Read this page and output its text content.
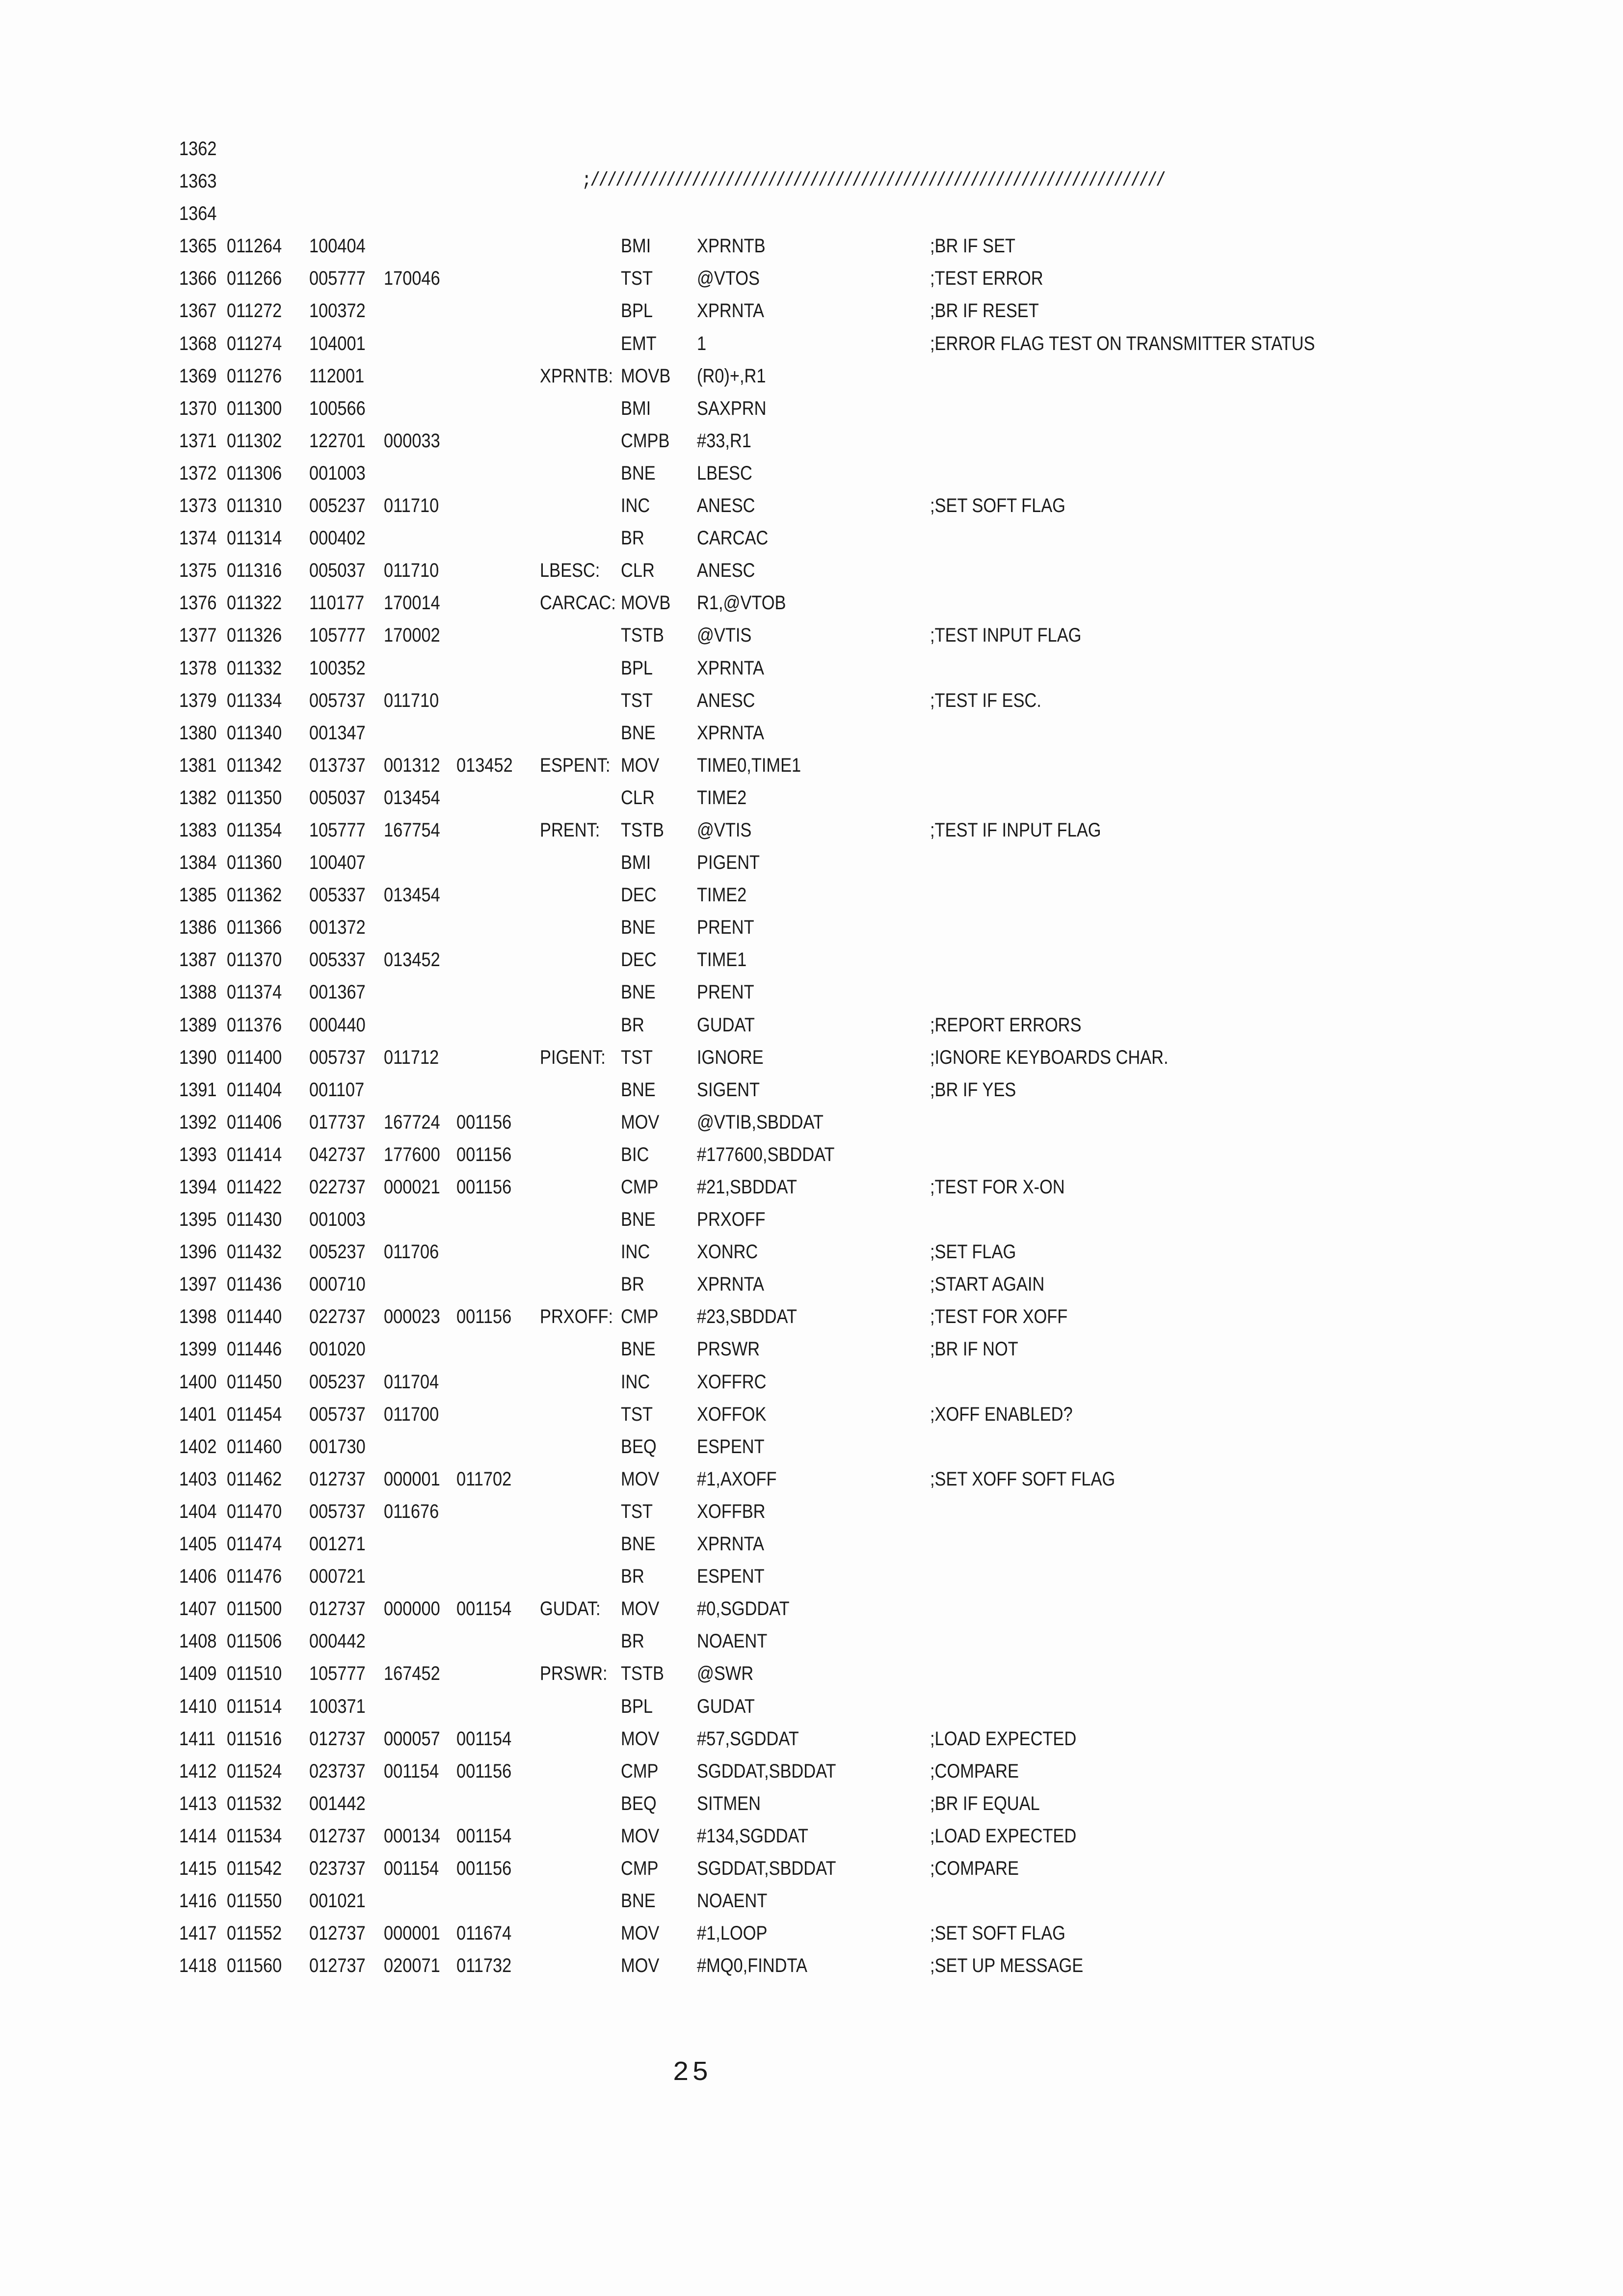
1362
1363	;////////////////////////////////////////////////////////////////////
1364
1365 011264 100404	BMI XPRNTB	;BR IF SET
1366 011266 005777 170046	TST @VTOS	;TEST ERROR
1367 011272 100372	BPL XPRNTA	;BR IF RESET
1368 011274 104001	EMT 1	;ERROR FLAG TEST ON TRANSMITTER STATUS
1369 011276 112001	XPRNTB: MOVB (R0)+,R1
1370 011300 100566	BMI SAXPRN
1371 011302 122701 000033	CMPB #33,R1
1372 011306 001003	BNE LBESC
1373 011310 005237 011710	INC ANESC	;SET SOFT FLAG
1374 011314 000402	BR	CARCAC
1375 011316 005037 011710	LBESC: CLR ANESC
1376 011322 110177 170014	CARCAC: MOVB R1,@VTOB
1377 011326 105777 170002	TSTB @VTIS	;TEST INPUT FLAG
1378 011332 100352	BPL XPRNTA
1379 011334 005737 011710	TST ANESC	;TEST IF ESC.
1380 011340 001347	BNE XPRNTA
1381 011342 013737 001312 013452 ESPENT: MOV TIME0,TIME1
1382 011350 005037 013454	CLR TIME2
1383 011354 105777 167754	PRENT: TSTB @VTIS	;TEST IF INPUT FLAG
1384 011360 100407	BMI PIGENT
1385 011362 005337 013454	DEC TIME2
1386 011366 001372	BNE PRENT
1387 011370 005337 013452	DEC TIME1
1388 011374 001367	BNE PRENT
1389 011376 000440	BR	GUDAT	;REPORT ERRORS
1390 011400 005737 011712	PIGENT: TST IGNORE	;IGNORE KEYBOARDS CHAR.
1391 011404 001107	BNE SIGENT	;BR IF YES
1392 011406 017737 167724 001156	MOV @VTIB,SBDDAT
1393 011414 042737 177600 001156	BIC #177600,SBDDAT
1394 011422 022737 000021 001156	CMP #21,SBDDAT	;TEST FOR X-ON
1395 011430 001003	BNE PRXOFF
1396 011432 005237 011706	INC XONRC	;SET FLAG
1397 011436 000710	BR	XPRNTA	;START AGAIN
1398 011440 022737 000023 001156 PRXOFF: CMP #23,SBDDAT	;TEST FOR XOFF
1399 011446 001020	BNE PRSWR	;BR IF NOT
1400 011450 005237 011704	INC XOFFRC
1401 011454 005737 011700	TST XOFFOK	;XOFF ENABLED?
1402 011460 001730	BEQ ESPENT
1403 011462 012737 000001 011702	MOV #1,AXOFF	;SET XOFF SOFT FLAG
1404 011470 005737 011676	TST XOFFBR
1405 011474 001271	BNE XPRNTA
1406 011476 000721	BR	ESPENT
1407 011500 012737 000000 001154 GUDAT: MOV #0,SGDDAT
1408 011506 000442	BR	NOAENT
1409 011510 105777 167452	PRSWR: TSTB @SWR
1410 011514 100371	BPL GUDAT
1411 011516 012737 000057 001154	MOV #57,SGDDAT	;LOAD EXPECTED
1412 011524 023737 001154 001156	CMP SGDDAT,SBDDAT	;COMPARE
1413 011532 001442	BEQ SITMEN	;BR IF EQUAL
1414 011534 012737 000134 001154	MOV #134,SGDDAT	;LOAD EXPECTED
1415 011542 023737 001154 001156	CMP SGDDAT,SBDDAT	;COMPARE
1416 011550 001021	BNE NOAENT
1417 011552 012737 000001 011674	MOV #1,LOOP	;SET SOFT FLAG
1418 011560 012737 020071 011732	MOV #MQ0,FINDTA	;SET UP MESSAGE
25
